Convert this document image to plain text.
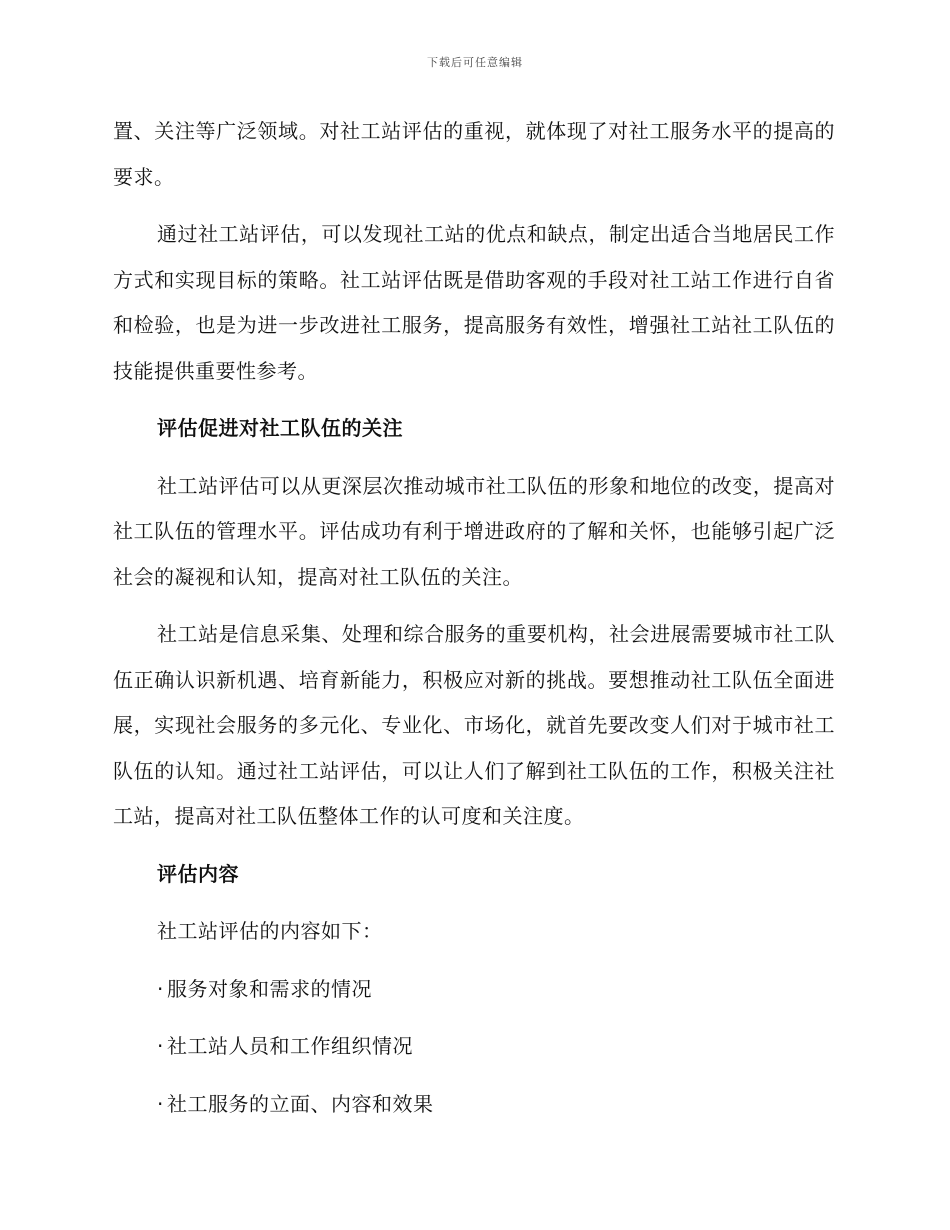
下载后可任意编辑

置、关注等广泛领域。对社工站评估的重视，就体现了对社工服务水平的提高的要求。

通过社工站评估，可以发现社工站的优点和缺点，制定出适合当地居民工作方式和实现目标的策略。社工站评估既是借助客观的手段对社工站工作进行自省和检验，也是为进一步改进社工服务，提高服务有效性，增强社工站社工队伍的技能提供重要性参考。

评估促进对社工队伍的关注

社工站评估可以从更深层次推动城市社工队伍的形象和地位的改变，提高对社工队伍的管理水平。评估成功有利于增进政府的了解和关怀，也能够引起广泛社会的凝视和认知，提高对社工队伍的关注。

社工站是信息采集、处理和综合服务的重要机构，社会进展需要城市社工队伍正确认识新机遇、培育新能力，积极应对新的挑战。要想推动社工队伍全面进展，实现社会服务的多元化、专业化、市场化，就首先要改变人们对于城市社工队伍的认知。通过社工站评估，可以让人们了解到社工队伍的工作，积极关注社工站，提高对社工队伍整体工作的认可度和关注度。

评估内容

社工站评估的内容如下：

· 服务对象和需求的情况
· 社工站人员和工作组织情况
· 社工服务的立面、内容和效果
